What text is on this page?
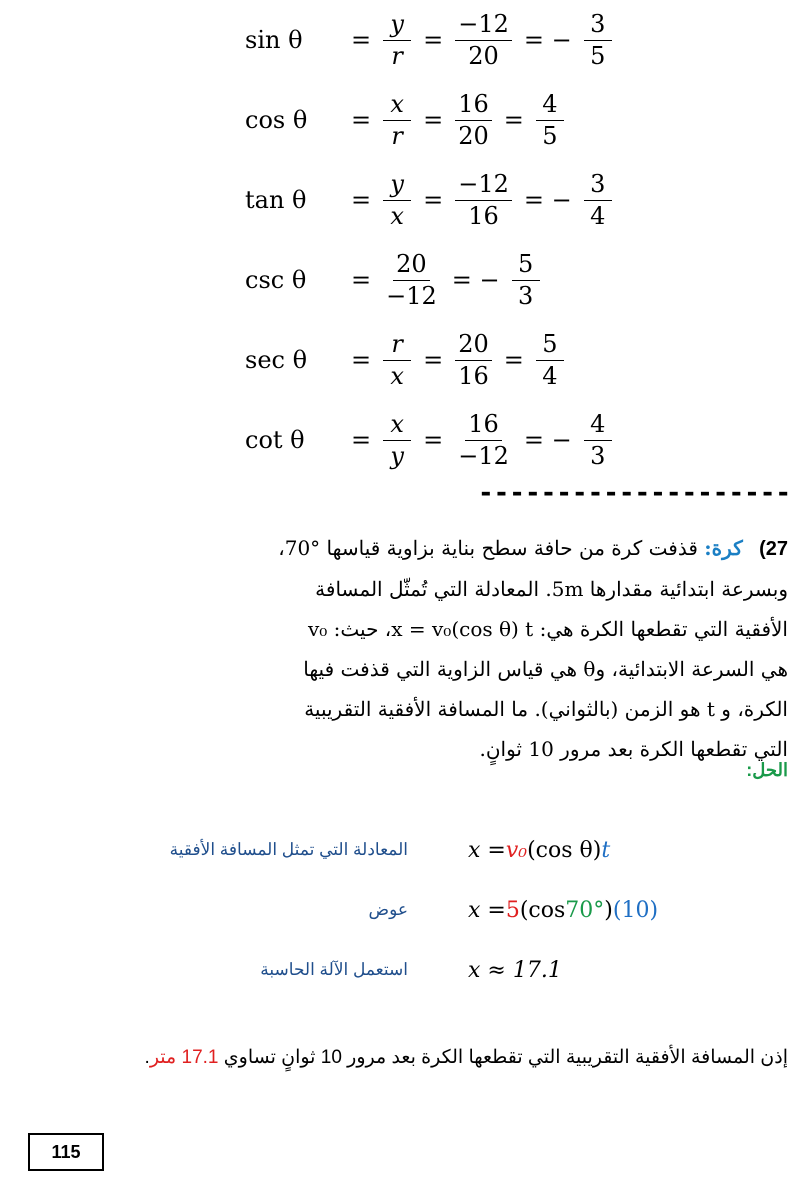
sin θ	= $\frac{y}{r} = \frac{-12}{20}$ = − $\frac{3}{5}$
cos θ	= $\frac{x}{r} = \frac{16}{20} = \frac{4}{5}$
tan θ	= $\frac{y}{x} = \frac{-12}{16}$ = − $\frac{3}{4}$
csc θ	= $\frac{20}{-12}$ = − $\frac{5}{3}$
sec θ	= $\frac{r}{x} = \frac{20}{16} = \frac{5}{4}$
cot θ	= $\frac{x}{y} = \frac{16}{-12}$ = − $\frac{4}{3}$
--------------------
27) كرة: قذفت كرة من حافة سطح بناية بزاوية قياسها °70،
وبسرعة ابتدائية مقدارها 5m. المعادلة التي تُمثّل المسافة
الأفقية التي تقطعها الكرة هي: x = v₀(cos θ) t، حيث: v₀
هي السرعة الابتدائية، وθ هي قياس الزاوية التي قذفت فيها
الكرة، و t هو الزمن (بالثواني). ما المسافة الأفقية التقريبية
التي تقطعها الكرة بعد مرور 10 ثوانٍ.
الحل:
المعادلة التي تمثل المسافة الأفقية	x = v₀ (cos θ) t
عوض	x = 5 (cos 70° ) (10)
استعمل الآلة الحاسبة	x ≈ 17.1
إذن المسافة الأفقية التقريبية التي تقطعها الكرة بعد مرور 10 ثوانٍ تساوي 17.1 متر.
115
